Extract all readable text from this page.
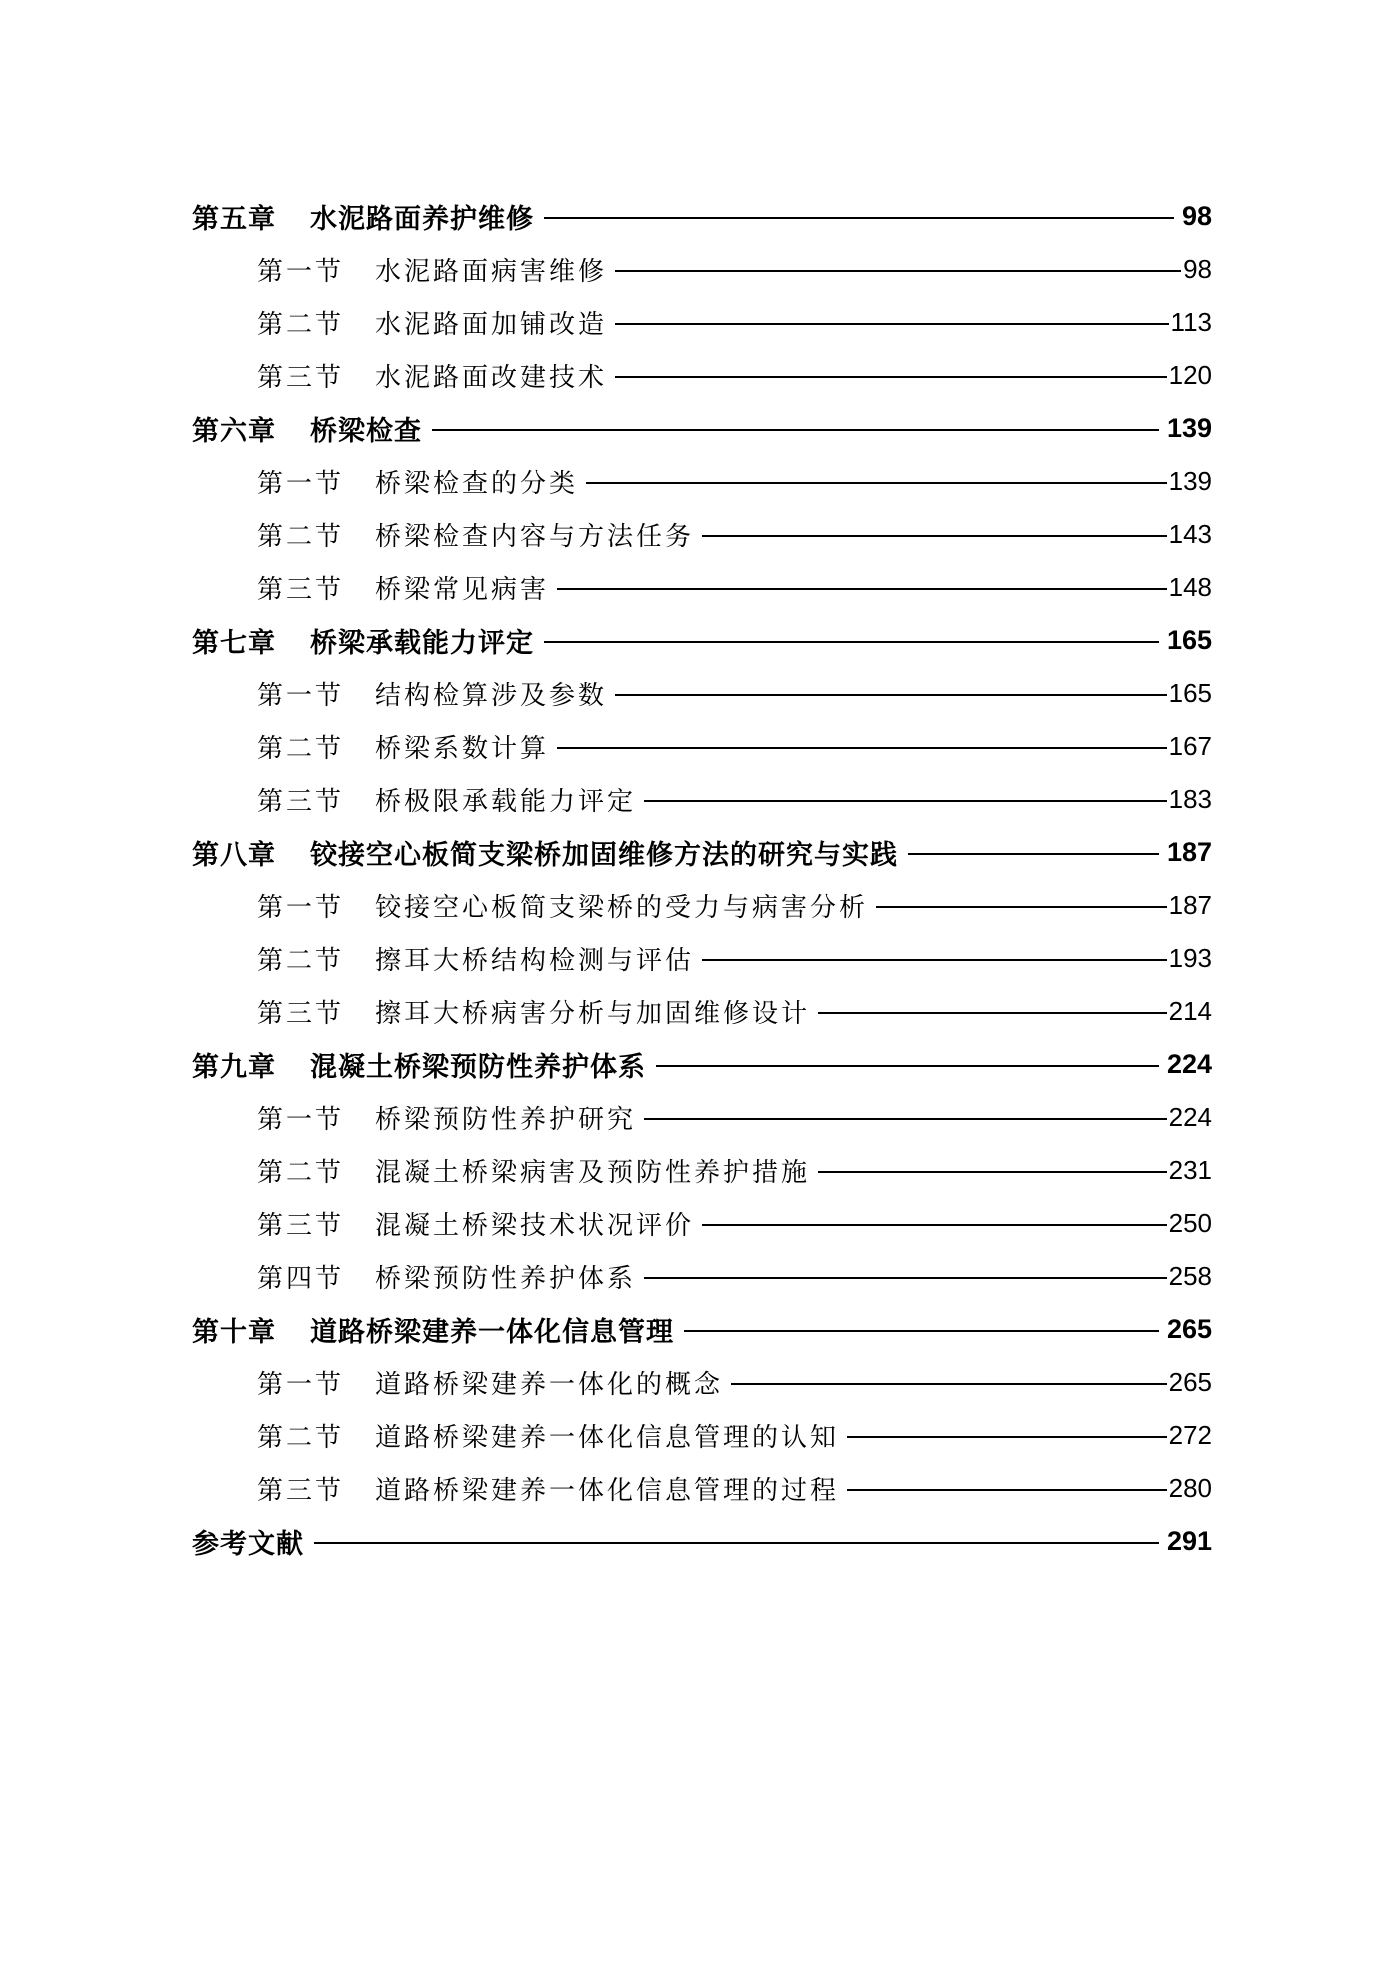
第五章	水泥路面养护维修	98
第一节	水泥路面病害维修	98
第二节	水泥路面加铺改造	113
第三节	水泥路面改建技术	120
第六章	桥梁检查	139
第一节	桥梁检查的分类	139
第二节	桥梁检查内容与方法任务	143
第三节	桥梁常见病害	148
第七章	桥梁承载能力评定	165
第一节	结构检算涉及参数	165
第二节	桥梁系数计算	167
第三节	桥极限承载能力评定	183
第八章	铰接空心板简支梁桥加固维修方法的研究与实践	187
第一节	铰接空心板简支梁桥的受力与病害分析	187
第二节	擦耳大桥结构检测与评估	193
第三节	擦耳大桥病害分析与加固维修设计	214
第九章	混凝土桥梁预防性养护体系	224
第一节	桥梁预防性养护研究	224
第二节	混凝土桥梁病害及预防性养护措施	231
第三节	混凝土桥梁技术状况评价	250
第四节	桥梁预防性养护体系	258
第十章	道路桥梁建养一体化信息管理	265
第一节	道路桥梁建养一体化的概念	265
第二节	道路桥梁建养一体化信息管理的认知	272
第三节	道路桥梁建养一体化信息管理的过程	280
参考文献	291
